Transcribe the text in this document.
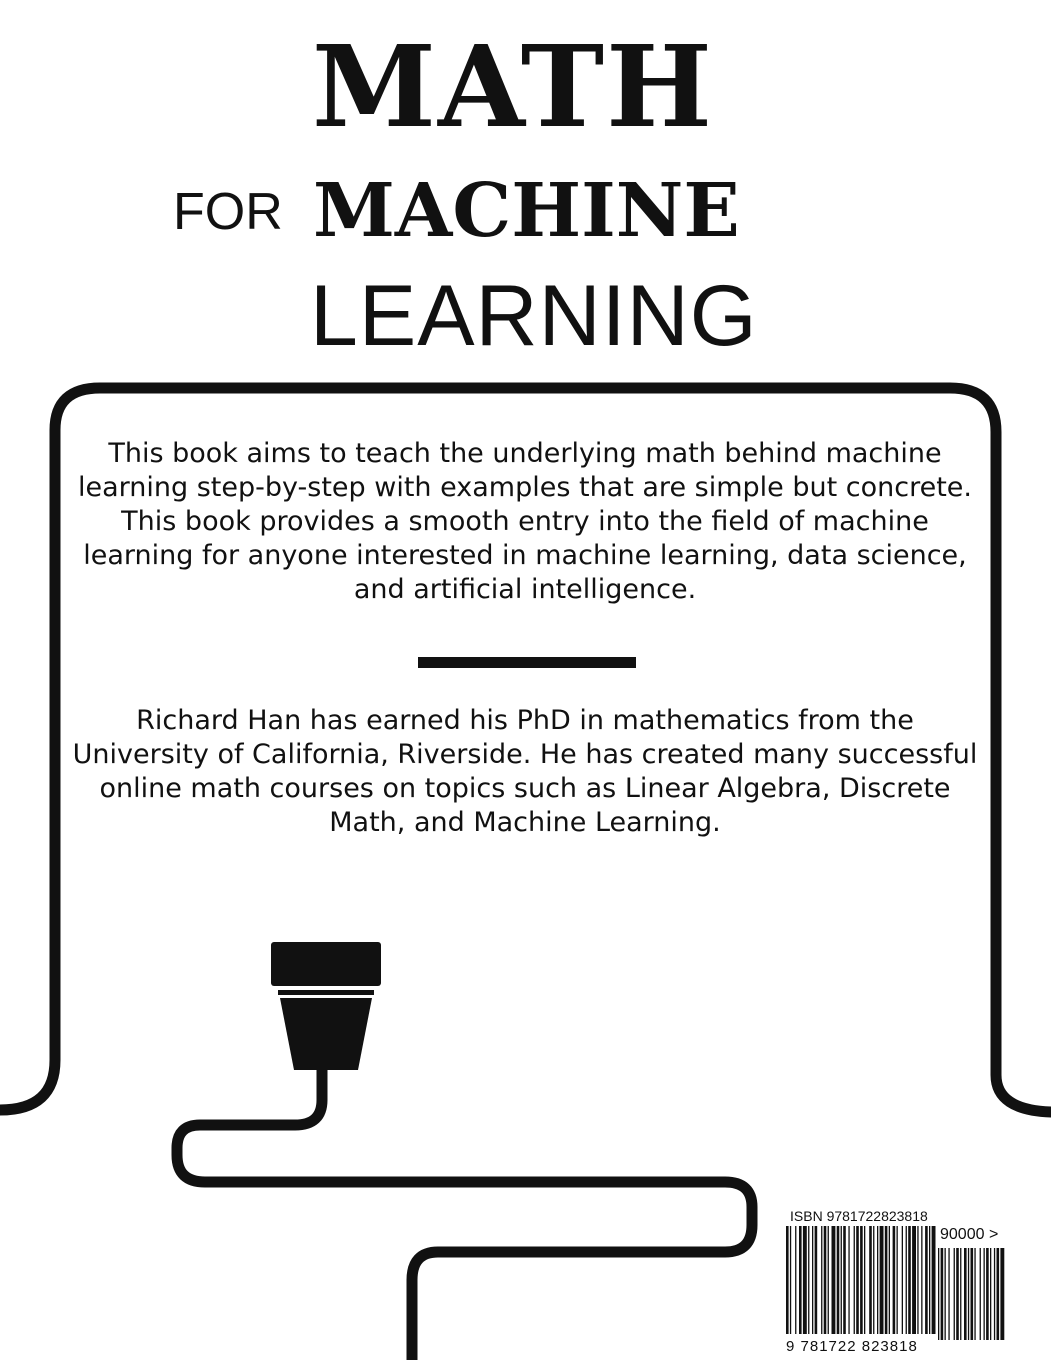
MATH
FOR MACHINE
LEARNING

This book aims to teach the underlying math behind machine learning step-by-step with examples that are simple but concrete. This book provides a smooth entry into the field of machine learning for anyone interested in machine learning, data science, and artificial intelligence.

Richard Han has earned his PhD in mathematics from the University of California, Riverside. He has created many successful online math courses on topics such as Linear Algebra, Discrete Math, and Machine Learning.

ISBN 9781722823818
90000 >
9 781722 823818
